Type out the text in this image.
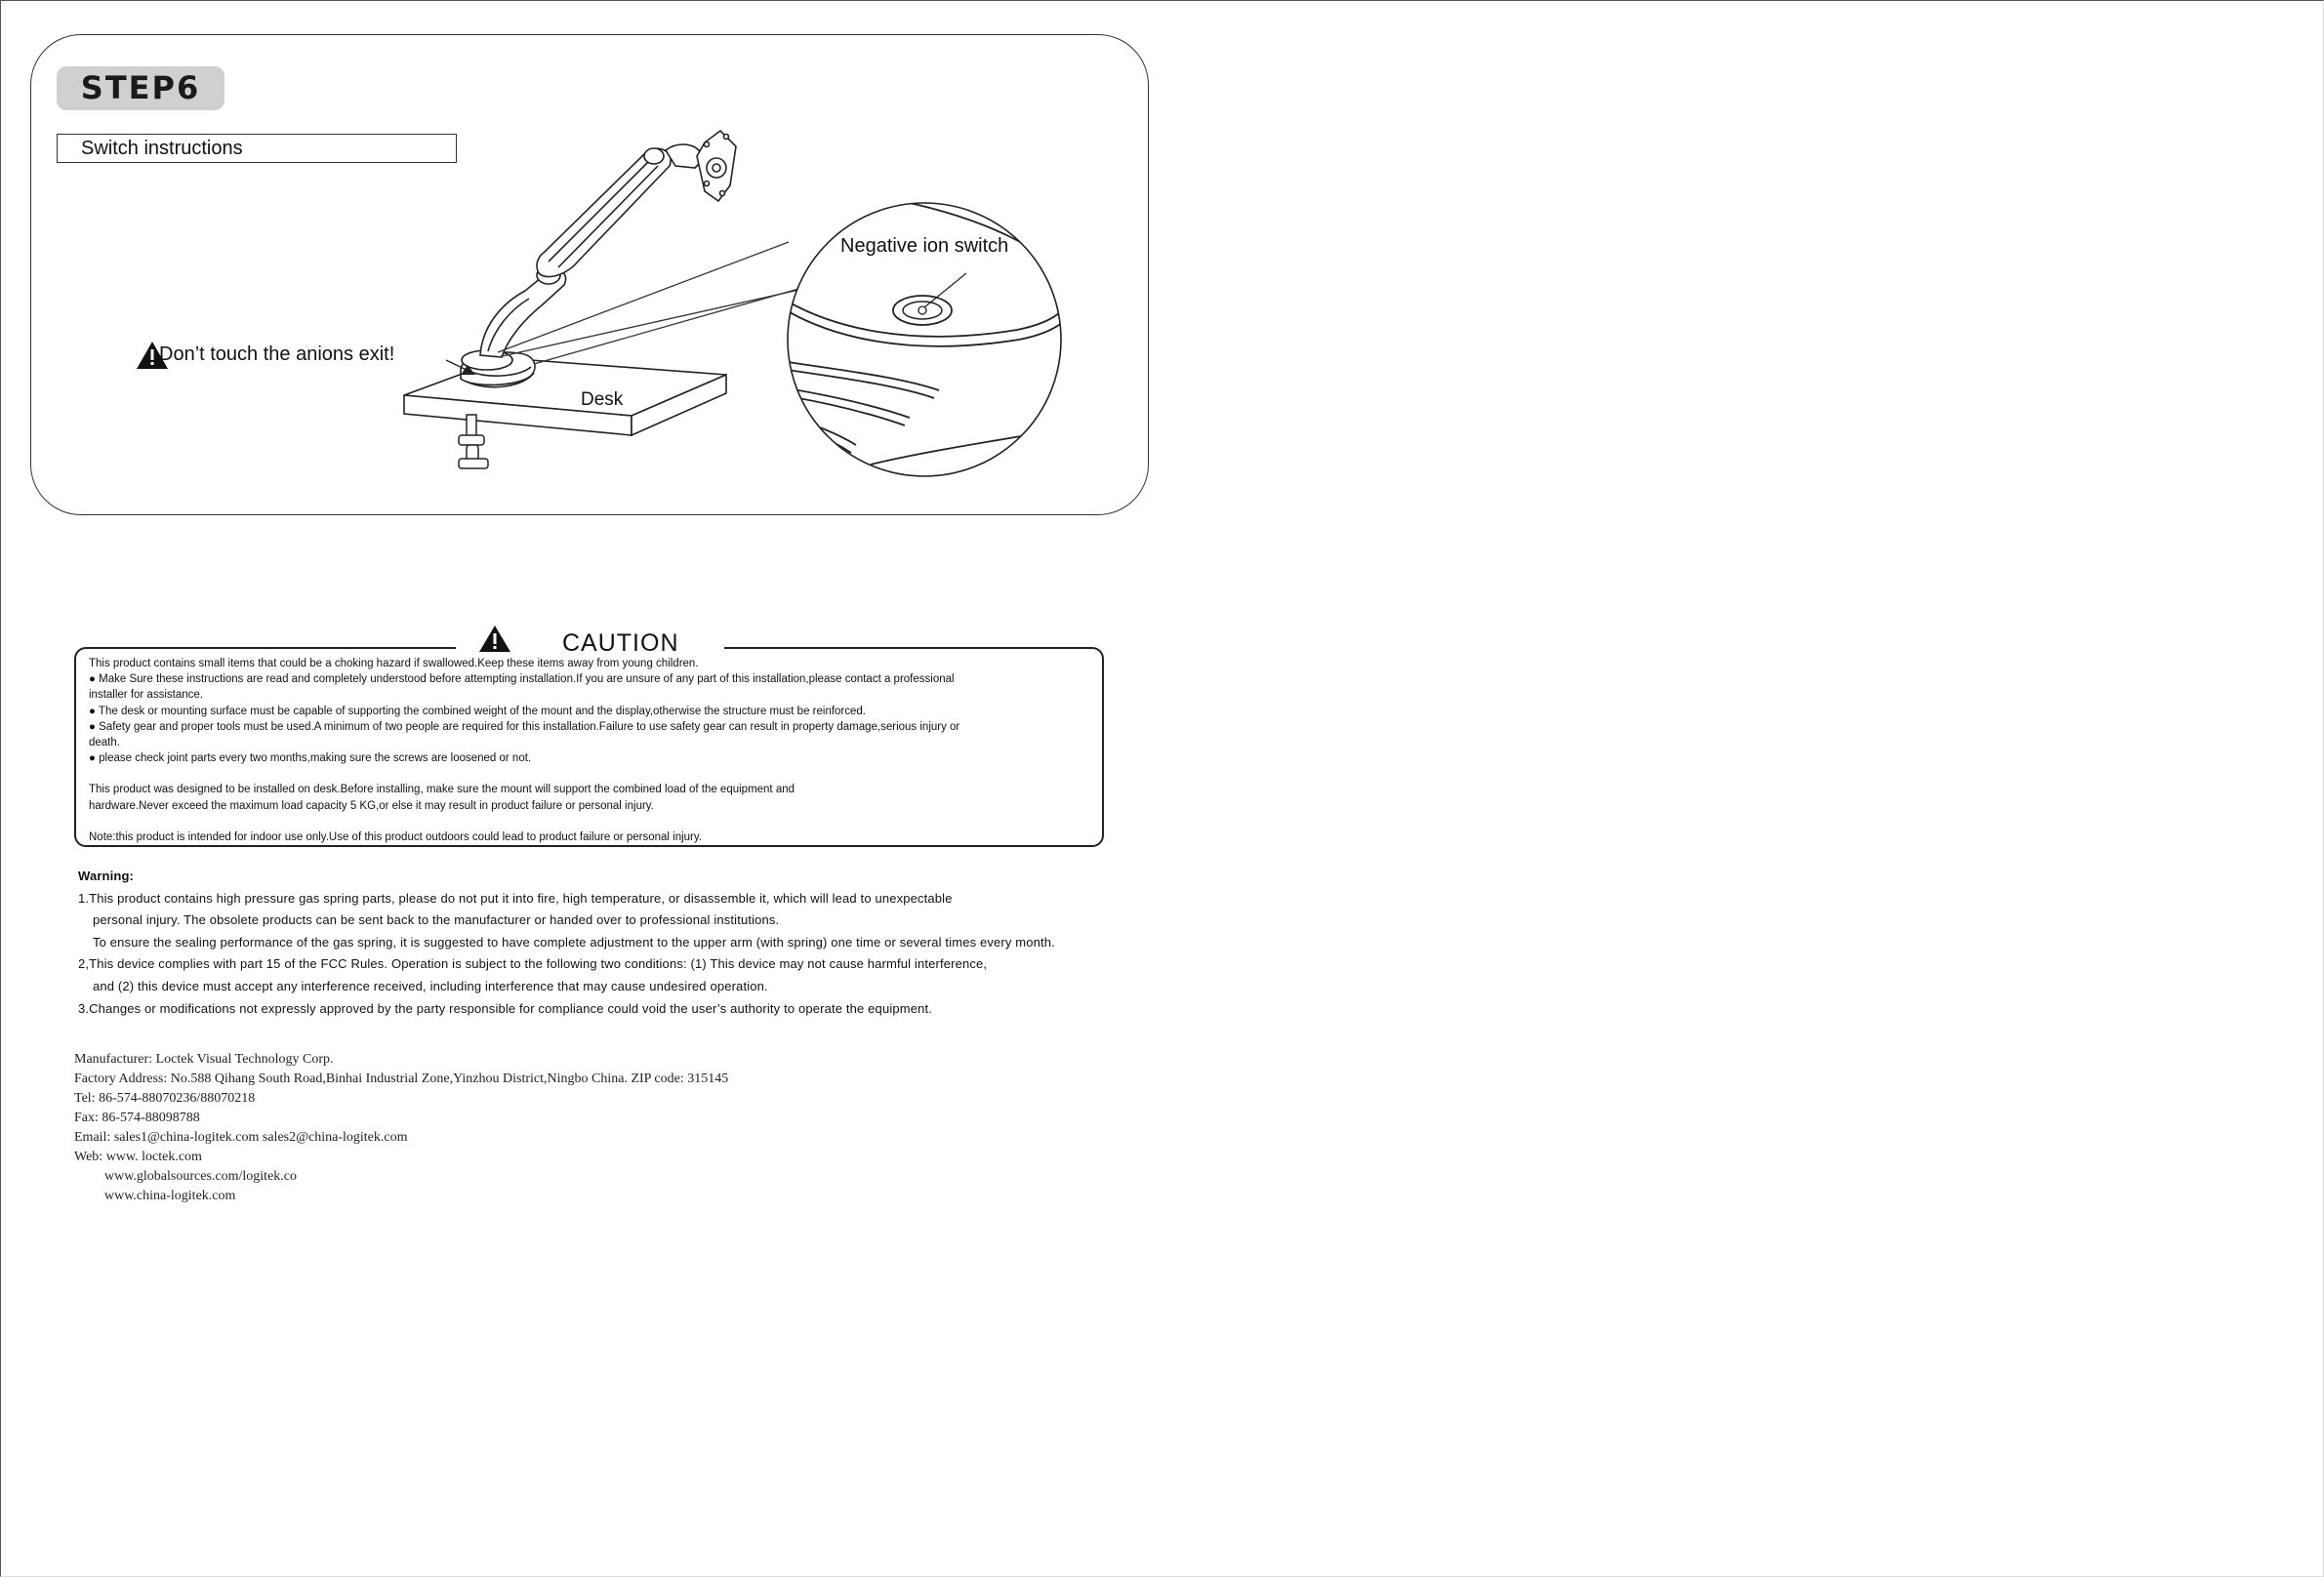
STEP6
Switch instructions
Don’t touch the anions exit!
Desk
Negative ion switch
CAUTION

This product contains small items that could be a choking hazard if swallowed.Keep these items away from young children.

● Make Sure these instructions are read and completely understood before attempting installation.If you are unsure of any part of this installation,please contact a professional

installer for assistance.

● The desk or mounting surface must be capable of supporting the combined weight of the mount and the display,otherwise the structure must be reinforced.

● Safety gear and proper tools must be used.A minimum of two people are required for this installation.Failure to use safety gear can result in property damage,serious injury or

death.

● please check joint parts every two months,making sure the screws are loosened or not.

This product was designed to be installed on desk.Before installing, make sure the mount will support the combined load of the equipment and

hardware.Never exceed the maximum load capacity 5 KG,or else it may result in product failure or personal injury.

Note:this product is intended for indoor use only.Use of this product outdoors could lead to product failure or personal injury.

Warning:

1.This product contains high pressure gas spring parts, please do not put it into fire, high temperature, or disassemble it, which will lead to unexpectable

personal injury. The obsolete products can be sent back to the manufacturer or handed over to professional institutions.

To ensure the sealing performance of the gas spring, it is suggested to have complete adjustment to the upper arm (with spring) one time or several times every month.

2,This device complies with part 15 of the FCC Rules. Operation is subject to the following two conditions: (1) This device may not cause harmful interference,

and (2) this device must accept any interference received, including interference that may cause undesired operation.

3.Changes or modifications not expressly approved by the party responsible for compliance could void the user’s authority to operate the equipment.

Manufacturer: Loctek Visual Technology Corp.

Factory Address: No.588 Qihang South Road,Binhai Industrial Zone,Yinzhou District,Ningbo China. ZIP code: 315145

Tel: 86-574-88070236/88070218

Fax: 86-574-88098788

Email: sales1@china-logitek.com sales2@china-logitek.com

Web: www. loctek.com

www.globalsources.com/logitek.co

www.china-logitek.com
